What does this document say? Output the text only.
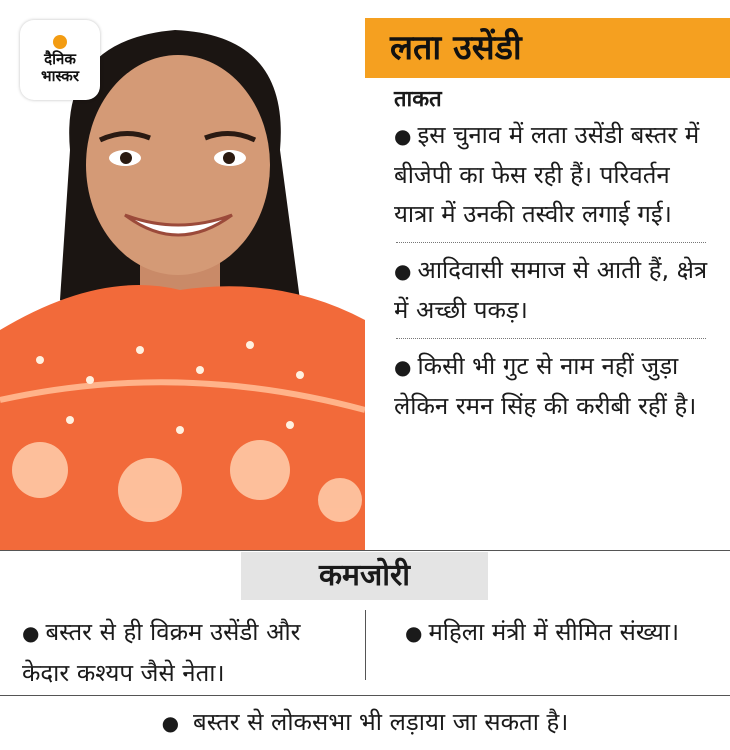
दैनिक
भास्कर
लता उसेंडी
ताकत
● इस चुनाव में लता उसेंडी बस्तर में बीजेपी का फेस रही हैं। परिवर्तन यात्रा में उनकी तस्वीर लगाई गई।
● आदिवासी समाज से आती हैं, क्षेत्र में अच्छी पकड़।
● किसी भी गुट से नाम नहीं जुड़ा लेकिन रमन सिंह की करीबी रहीं है।
कमजोरी
● बस्तर से ही विक्रम उसेंडी और केदार कश्यप जैसे नेता।
● महिला मंत्री में सीमित संख्या।
● बस्तर से लोकसभा भी लड़ाया जा सकता है।
